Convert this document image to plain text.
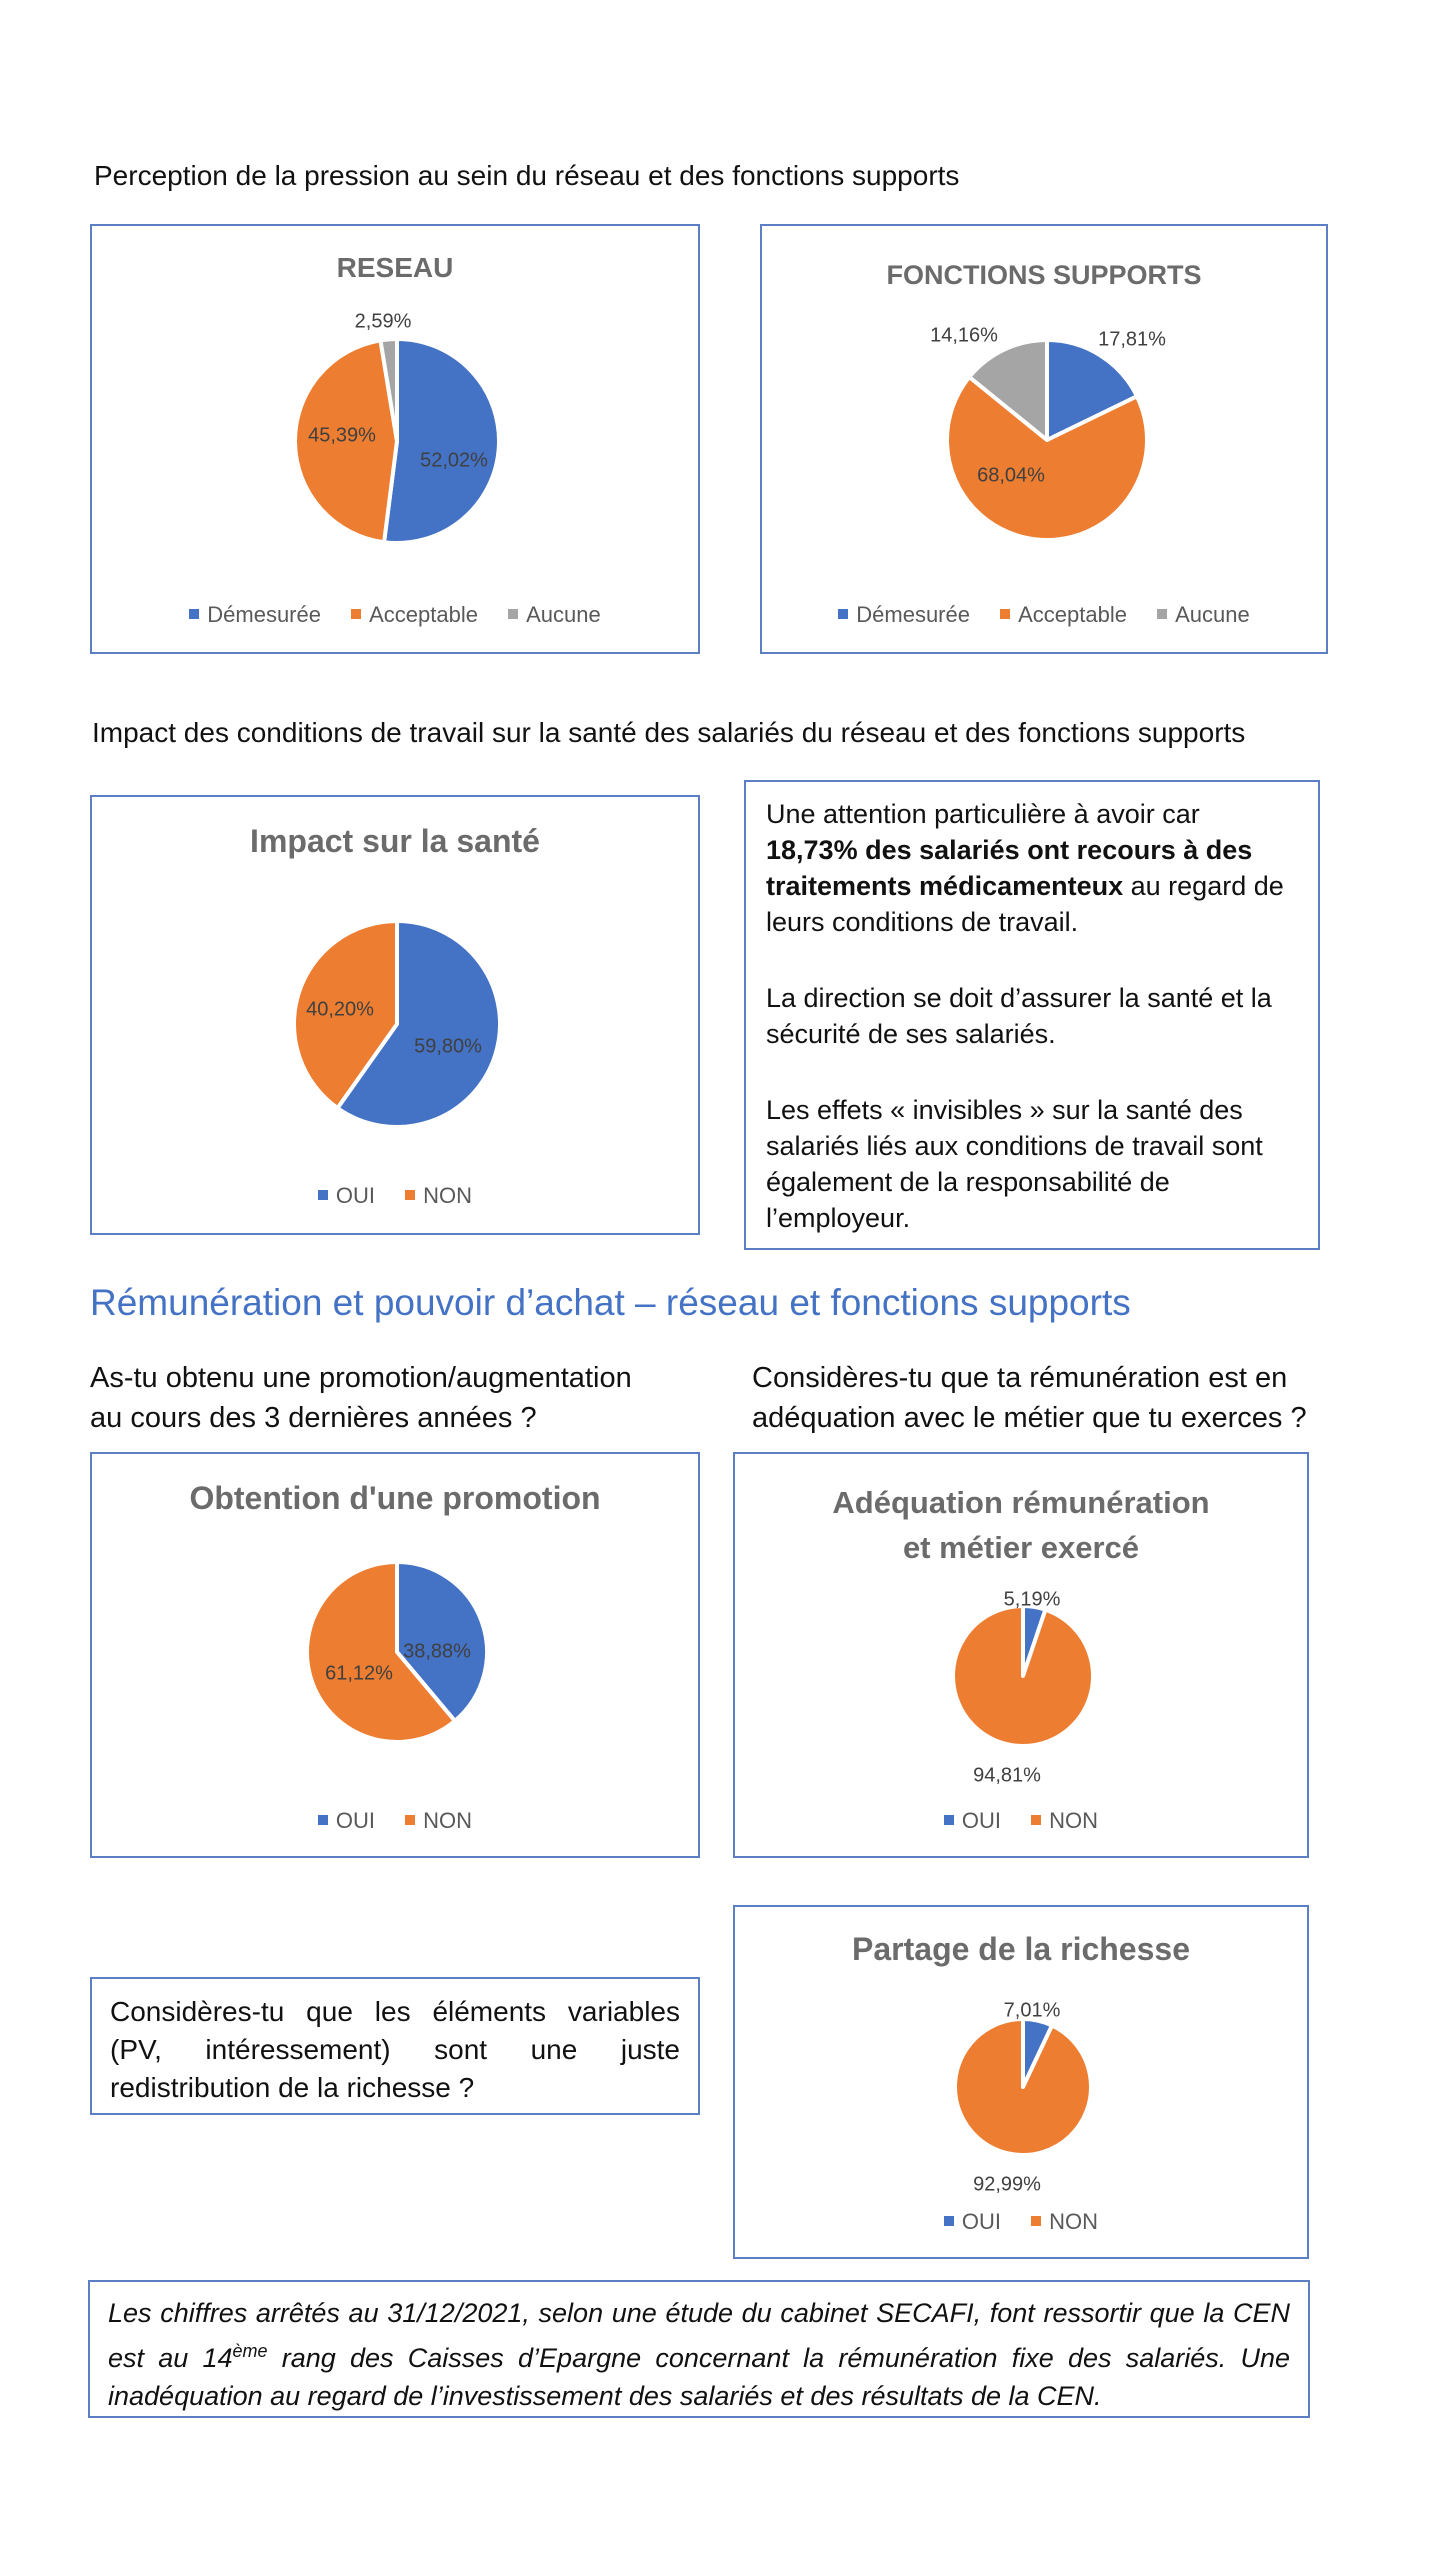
Perception de la pression au sein du réseau et des fonctions supports
RESEAU
52,02%
45,39%
2,59%
Démesurée Acceptable Aucune
FONCTIONS SUPPORTS
17,81%
68,04%
14,16%
Démesurée Acceptable Aucune
Impact des conditions de travail sur la santé des salariés du réseau et des fonctions supports
Impact sur la santé
59,80%
40,20%
OUI NON

Une attention particulière à avoir car
18,73% des salariés ont recours à des traitements médicamenteux au regard de leurs conditions de travail.

La direction se doit d’assurer la santé et la sécurité de ses salariés.

Les effets « invisibles » sur la santé des salariés liés aux conditions de travail sont également de la responsabilité de l’employeur.

Rémunération et pouvoir d’achat – réseau et fonctions supports
As-tu obtenu une promotion/augmentation
au cours des 3 dernières années ?
Considères-tu que ta rémunération est en
adéquation avec le métier que tu exerces ?
Obtention d'une promotion
38,88%
61,12%
OUI NON
Adéquation rémunération
et métier exercé
5,19%
94,81%
OUI NON
Considères-tu que les éléments variables (PV, intéressement) sont une juste redistribution de la richesse ?
Partage de la richesse
7,01%
92,99%
OUI NON
Les chiffres arrêtés au 31/12/2021, selon une étude du cabinet SECAFI, font ressortir que la CEN est au 14ème rang des Caisses d’Epargne concernant la rémunération fixe des salariés. Une inadéquation au regard de l’investissement des salariés et des résultats de la CEN.
